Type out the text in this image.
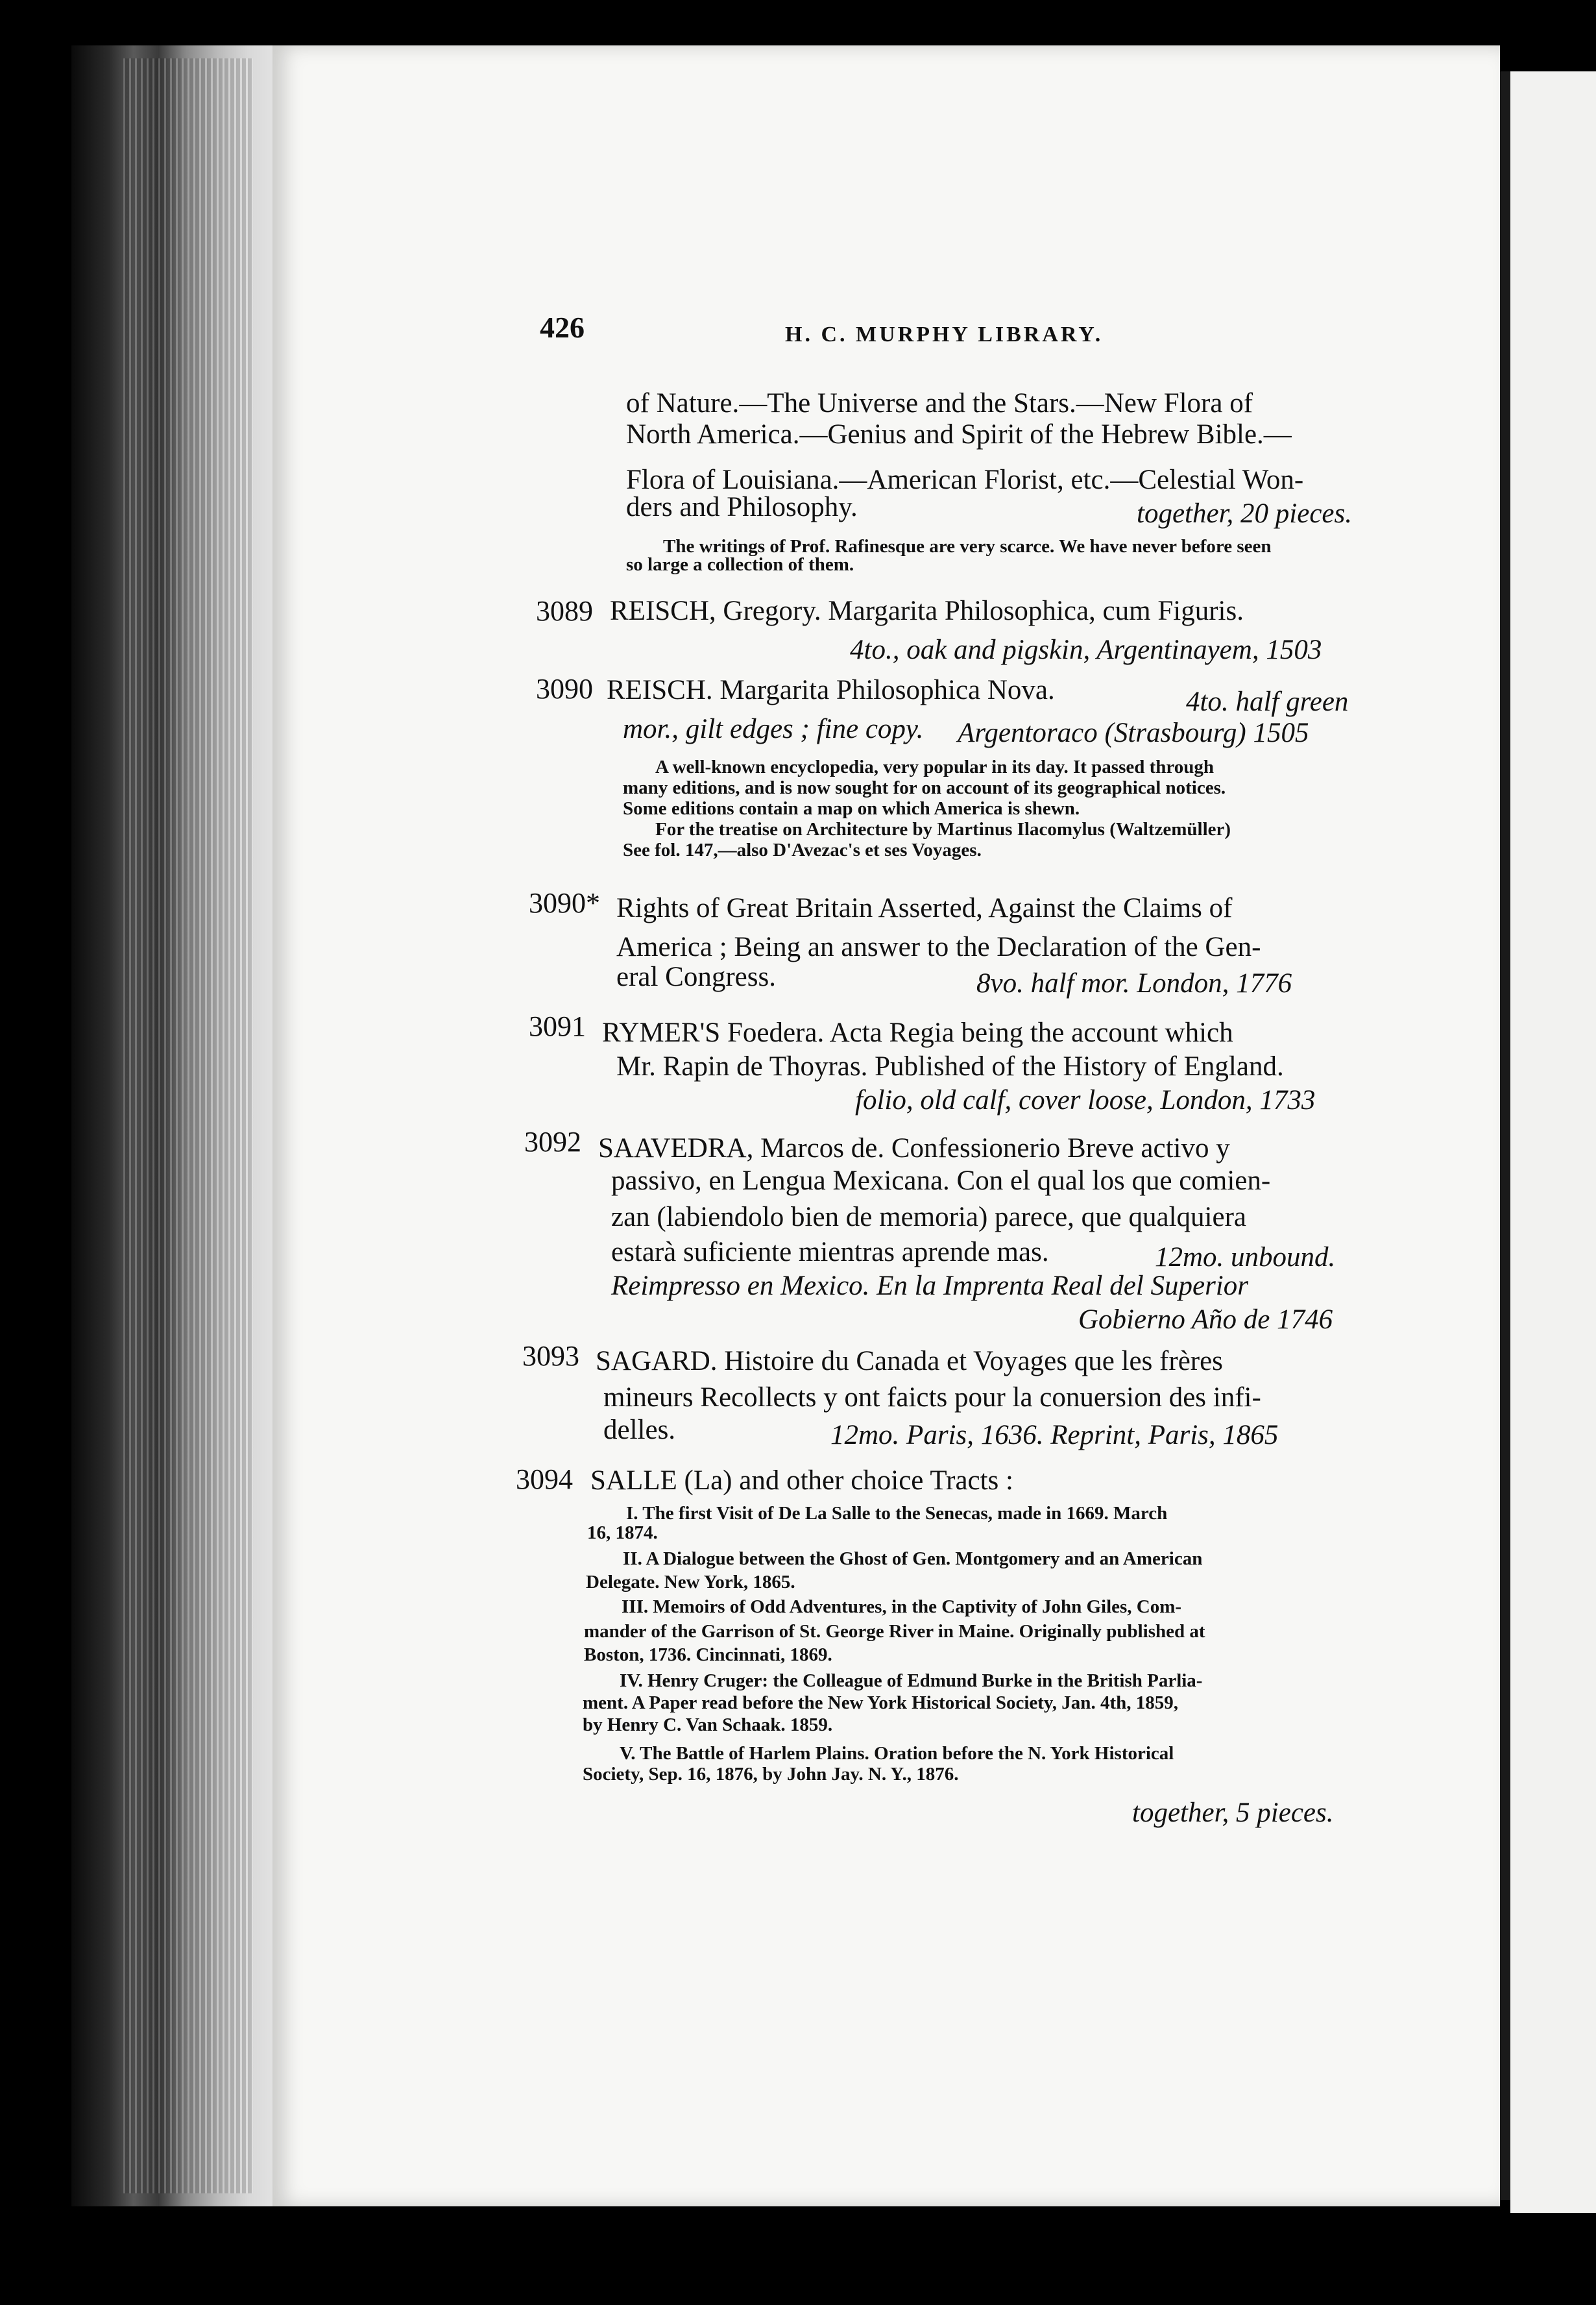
426	H. C. MURPHY LIBRARY.
of Nature.—The Universe and the Stars.—New Flora of
North America.—Genius and Spirit of the Hebrew Bible.—
Flora of Louisiana.—American Florist, etc.—Celestial Won-
ders and Philosophy.	together, 20 pieces.
The writings of Prof. Rafinesque are very scarce. We have never before seen
so large a collection of them.
3089 REISCH, Gregory. Margarita Philosophica, cum Figuris.
4to., oak and pigskin, Argentinayem, 1503
3090 REISCH. Margarita Philosophica Nova.	4to. half green
mor., gilt edges ; fine copy. Argentoraco (Strasbourg) 1505
A well-known encyclopedia, very popular in its day. It passed through
many editions, and is now sought for on account of its geographical notices.
Some editions contain a map on which America is shewn.
For the treatise on Architecture by Martinus Ilacomylus (Waltzemüller)
See fol. 147,—also D'Avezac's et ses Voyages.
3090* Rights of Great Britain Asserted, Against the Claims of
America ; Being an answer to the Declaration of the Gen-
eral Congress.	8vo. half mor. London, 1776
3091 RYMER'S Foedera. Acta Regia being the account which
Mr. Rapin de Thoyras. Published of the History of England.
folio, old calf, cover loose, London, 1733
3092 SAAVEDRA, Marcos de. Confessionerio Breve activo y
passivo, en Lengua Mexicana. Con el qual los que comien-
zan (labiendolo bien de memoria) parece, que qualquiera
estarà suficiente mientras aprende mas.	12mo. unbound.
Reimpresso en Mexico. En la Imprenta Real del Superior
Gobierno Año de 1746
3093 SAGARD. Histoire du Canada et Voyages que les frères
mineurs Recollects y ont faicts pour la conuersion des infi-
delles.	12mo. Paris, 1636. Reprint, Paris, 1865
3094 SALLE (La) and other choice Tracts :
I. The first Visit of De La Salle to the Senecas, made in 1669. March
16, 1874.
II. A Dialogue between the Ghost of Gen. Montgomery and an American
Delegate. New York, 1865.
III. Memoirs of Odd Adventures, in the Captivity of John Giles, Com-
mander of the Garrison of St. George River in Maine. Originally published at
Boston, 1736. Cincinnati, 1869.
IV. Henry Cruger: the Colleague of Edmund Burke in the British Parlia-
ment. A Paper read before the New York Historical Society, Jan. 4th, 1859,
by Henry C. Van Schaak. 1859.
V. The Battle of Harlem Plains. Oration before the N. York Historical
Society, Sep. 16, 1876, by John Jay. N. Y., 1876.
together, 5 pieces.
